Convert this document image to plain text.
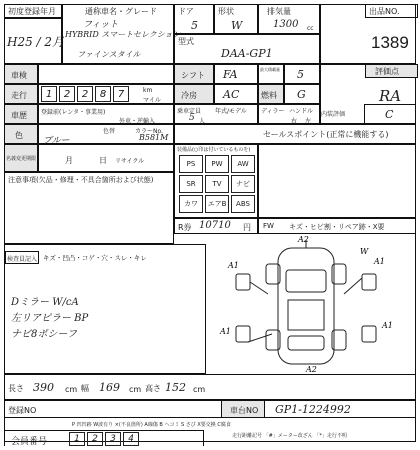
初度登録年月
H25 / 2月
通称車名・グレード
フィット
HYBRID スマートセレクション
ファインスタイル
ドア
5
形状
W
排気量
1300 cc
型式
DAA-GP1
出品NO.
1389
車検	シフト FA	最大積載量 5	評価点
RA
走行	1	2	2	8	7	km
マイル
冷房 AC	燃料 G
車歴 登録前(レンタ・事業用)
外車・逆輸入
乗車定員 年式/モデル
5 人
ディラー ハンドル
右 左
内装評価	C
色	色替	カラーNo.
ブルー	B581M	セールスポイント(正常に機能する)
名義変更期限	月	日 リサイクル
注意事項(欠品・修理・不具合箇所および状態)
装備品(○印は付いているものを)
PS	PW	AW
SR	TV	ナビ
カワ	エアB	ABS
R券 10710 円 FW キズ・ヒビ割・リペア跡・X要
検査員記入 キズ・凹凸・コゲ・穴・スレ・キレ
Dミラー W/cA
左リアピラー BP
ナビ8ポシーフ
A2
A1	A1
A1
A1
A2
W
長さ 390 cm 幅 169 cm 高さ 152 cm
登録NO	車台NO GP1-1224992
P 凹凹跡 W波有り ×(不良箇所) A線傷 B へコミ S さび X要交換 C腐食
会員番号	1	2	3	4	走行距離記号 「#」メーター改ざん 「*」走行不明
